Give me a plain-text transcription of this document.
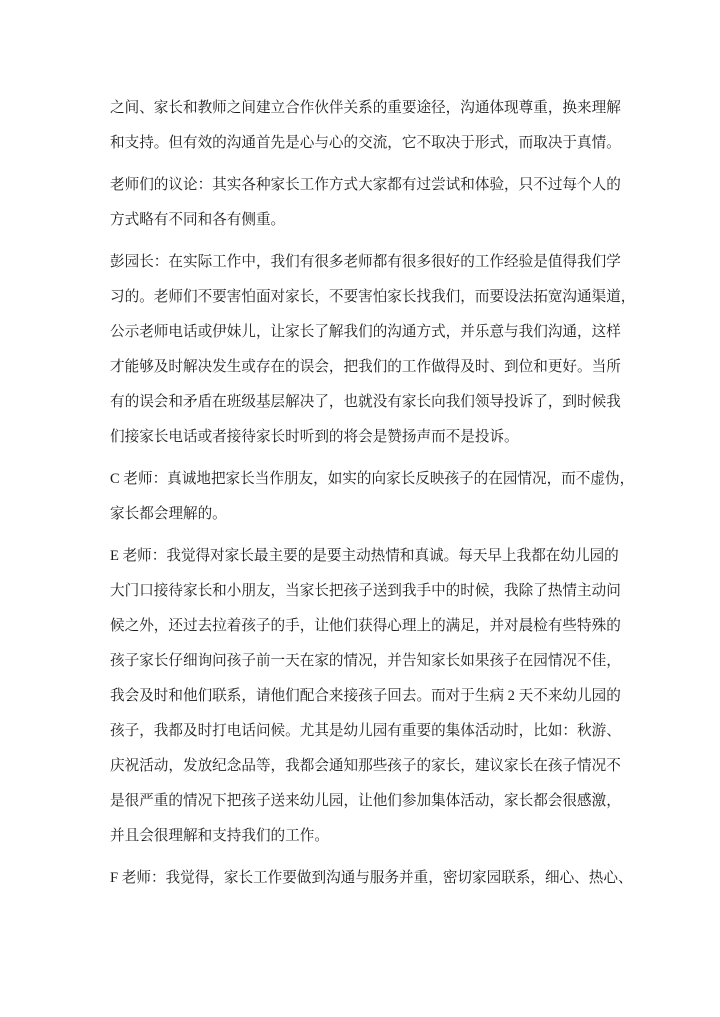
之间、家长和教师之间建立合作伙伴关系的重要途径，沟通体现尊重，换来理解
和支持。但有效的沟通首先是心与心的交流，它不取决于形式，而取决于真情。
老师们的议论：其实各种家长工作方式大家都有过尝试和体验，只不过每个人的
方式略有不同和各有侧重。
彭园长：在实际工作中，我们有很多老师都有很多很好的工作经验是值得我们学
习的。老师们不要害怕面对家长，不要害怕家长找我们，而要设法拓宽沟通渠道，
公示老师电话或伊妹儿，让家长了解我们的沟通方式，并乐意与我们沟通，这样
才能够及时解决发生或存在的误会，把我们的工作做得及时、到位和更好。当所
有的误会和矛盾在班级基层解决了，也就没有家长向我们领导投诉了，到时候我
们接家长电话或者接待家长时听到的将会是赞扬声而不是投诉。
C 老师：真诚地把家长当作朋友，如实的向家长反映孩子的在园情况，而不虚伪，
家长都会理解的。
E 老师：我觉得对家长最主要的是要主动热情和真诚。每天早上我都在幼儿园的
大门口接待家长和小朋友，当家长把孩子送到我手中的时候，我除了热情主动问
候之外，还过去拉着孩子的手，让他们获得心理上的满足，并对晨检有些特殊的
孩子家长仔细询问孩子前一天在家的情况，并告知家长如果孩子在园情况不佳，
我会及时和他们联系，请他们配合来接孩子回去。而对于生病 2 天不来幼儿园的
孩子，我都及时打电话问候。尤其是幼儿园有重要的集体活动时，比如：秋游、
庆祝活动，发放纪念品等，我都会通知那些孩子的家长，建议家长在孩子情况不
是很严重的情况下把孩子送来幼儿园，让他们参加集体活动，家长都会很感激，
并且会很理解和支持我们的工作。
F 老师：我觉得，家长工作要做到沟通与服务并重，密切家园联系，细心、热心、
